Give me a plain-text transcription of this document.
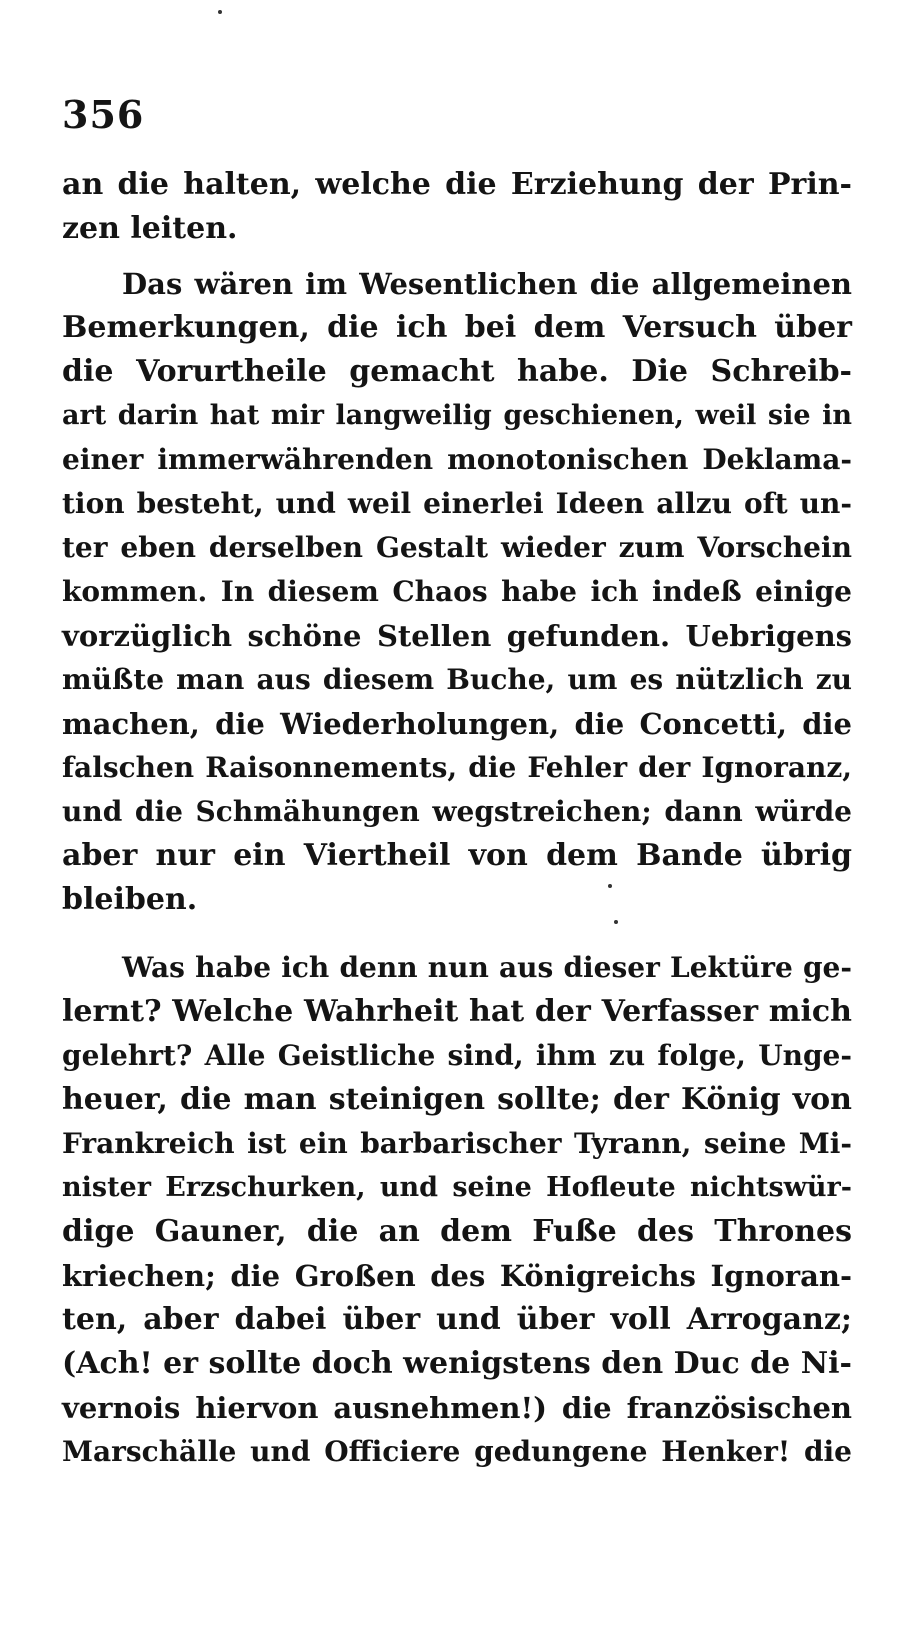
356
an die halten, welche die Erziehung der Prin-
zen leiten.
Das wären im Wesentlichen die allgemeinen
Bemerkungen, die ich bei dem Versuch über
die Vorurtheile gemacht habe. Die Schreib-
art darin hat mir langweilig geschienen, weil sie in
einer immerwährenden monotonischen Deklama-
tion besteht, und weil einerlei Ideen allzu oft un-
ter eben derselben Gestalt wieder zum Vorschein
kommen. In diesem Chaos habe ich indeß einige
vorzüglich schöne Stellen gefunden. Uebrigens
müßte man aus diesem Buche, um es nützlich zu
machen, die Wiederholungen, die Concetti, die
falschen Raisonnements, die Fehler der Ignoranz,
und die Schmähungen wegstreichen; dann würde
aber nur ein Viertheil von dem Bande übrig
bleiben.
Was habe ich denn nun aus dieser Lektüre ge-
lernt? Welche Wahrheit hat der Verfasser mich
gelehrt? Alle Geistliche sind, ihm zu folge, Unge-
heuer, die man steinigen sollte; der König von
Frankreich ist ein barbarischer Tyrann, seine Mi-
nister Erzschurken, und seine Hofleute nichtswür-
dige Gauner, die an dem Fuße des Thrones
kriechen; die Großen des Königreichs Ignoran-
ten, aber dabei über und über voll Arroganz;
(Ach! er sollte doch wenigstens den Duc de Ni-
vernois hiervon ausnehmen!) die französischen
Marschälle und Officiere gedungene Henker! die
